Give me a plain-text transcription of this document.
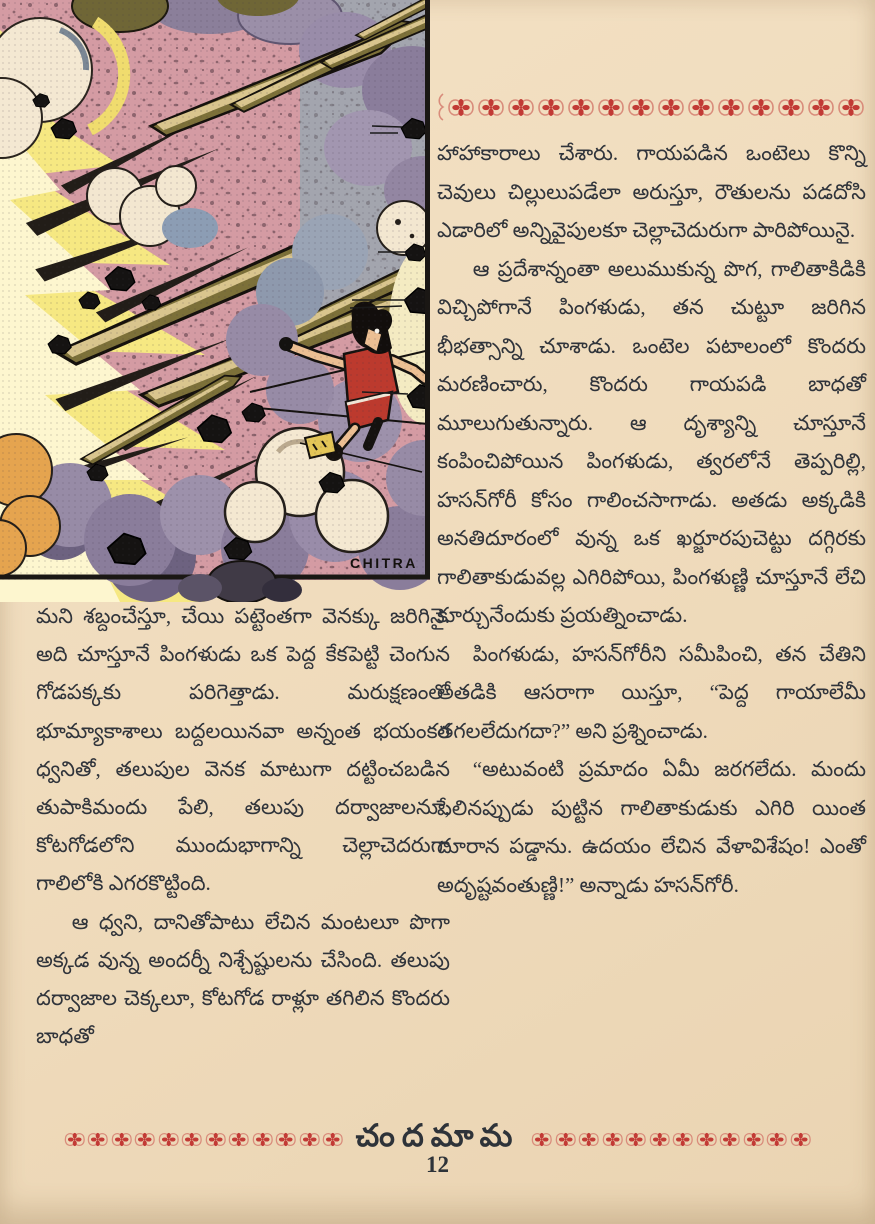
CHITRA

హాహాకారాలు చేశారు. గాయపడిన ఒంటెలు కొన్ని చెవులు చిల్లులుపడేలా అరుస్తూ, రౌతులను పడదోసి ఎడారిలో అన్నివైపులకూ చెల్లాచెదురుగా పారిపోయినై.

ఆ ప్రదేశాన్నంతా అలుముకున్న పొగ, గాలితాకిడికి విచ్చిపోగానే పింగళుడు, తన చుట్టూ జరిగిన భీభత్సాన్ని చూశాడు. ఒంటెల పటాలంలో కొందరు మరణించారు, కొందరు గాయపడి బాధతో మూలుగుతున్నారు. ఆ దృశ్యాన్ని చూస్తూనే కంపించిపోయిన పింగళుడు, త్వరలోనే తెప్పరిల్లి, హసన్‌గోరీ కోసం గాలించసాగాడు. అతడు అక్కడికి అనతిదూరంలో వున్న ఒక ఖర్జూరపుచెట్టు దగ్గిరకు గాలితాకుడువల్ల ఎగిరిపోయి, పింగళుణ్ణి చూస్తూనే లేచి కూర్చునేందుకు ప్రయత్నించాడు.

పింగళుడు, హసన్‌గోరీని సమీపించి, తన చేతిని అతడికి ఆసరాగా యిస్తూ, “పెద్ద గాయాలేమీ తగలలేదుగదా?” అని ప్రశ్నించాడు.

“అటువంటి ప్రమాదం ఏమీ జరగలేదు. మందు పేలినప్పుడు పుట్టిన గాలితాకుడుకు ఎగిరి యింత దూరాన పడ్డాను. ఉదయం లేచిన వేళావిశేషం! ఎంతో అదృష్టవంతుణ్ణి!” అన్నాడు హసన్‌గోరీ.

మని శబ్దంచేస్తూ, చేయి పట్టెంతగా వెనక్కు జరిగినై. అది చూస్తూనే పింగళుడు ఒక పెద్ద కేకపెట్టి చెంగున గోడపక్కకు పరిగెత్తాడు. మరుక్షణంలో భూమ్యాకాశాలు బద్దలయినవా అన్నంత భయంకర ధ్వనితో, తలుపుల వెనక మాటుగా దట్టించబడిన తుపాకిమందు పేలి, తలుపు దర్వాజాలనూ, కోటగోడలోని ముందుభాగాన్ని చెల్లాచెదరుగా గాలిలోకి ఎగరకొట్టింది.

ఆ ధ్వని, దానితోపాటు లేచిన మంటలూ పొగా అక్కడ వున్న అందర్నీ నిశ్చేష్టులను చేసింది. తలుపు దర్వాజాల చెక్కలూ, కోటగోడ రాళ్లూ తగిలిన కొందరు బాధతో

చందమామ
12
